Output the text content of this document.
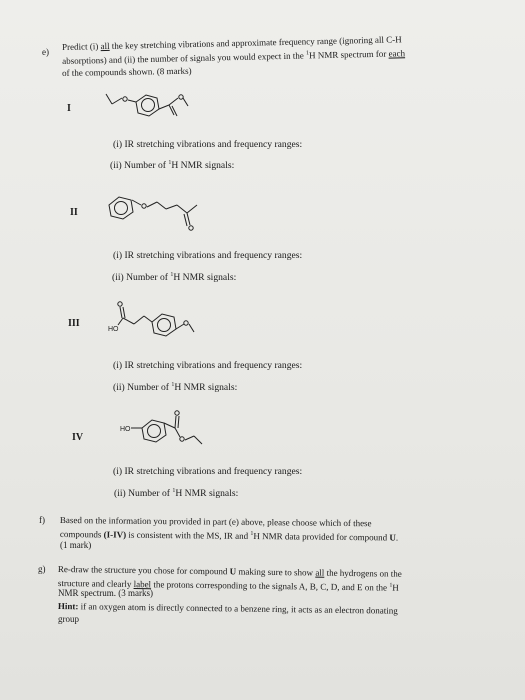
e)
Predict (i) all the key stretching vibrations and approximate frequency range (ignoring all C-H
absorptions) and (ii) the number of signals you would expect in the $^1$H NMR spectrum for each
of the compounds shown. (8 marks)
I
(i) IR stretching vibrations and frequency ranges:
(ii) Number of $^1$H NMR signals:
II
(i) IR stretching vibrations and frequency ranges:
(ii) Number of $^1$H NMR signals:
III
HO
(i) IR stretching vibrations and frequency ranges:
(ii) Number of $^1$H NMR signals:
IV
HO
(i) IR stretching vibrations and frequency ranges:
(ii) Number of $^1$H NMR signals:
f) Based on the information you provided in part (e) above, please choose which of these
compounds (I-IV) is consistent with the MS, IR and $^1$H NMR data provided for compound U.
(1 mark)
g) Re-draw the structure you chose for compound U making sure to show all the hydrogens on the
structure and clearly label the protons corresponding to the signals A, B, C, D, and E on the $^1$H
NMR spectrum. (3 marks)
Hint: if an oxygen atom is directly connected to a benzene ring, it acts as an electron donating
group
